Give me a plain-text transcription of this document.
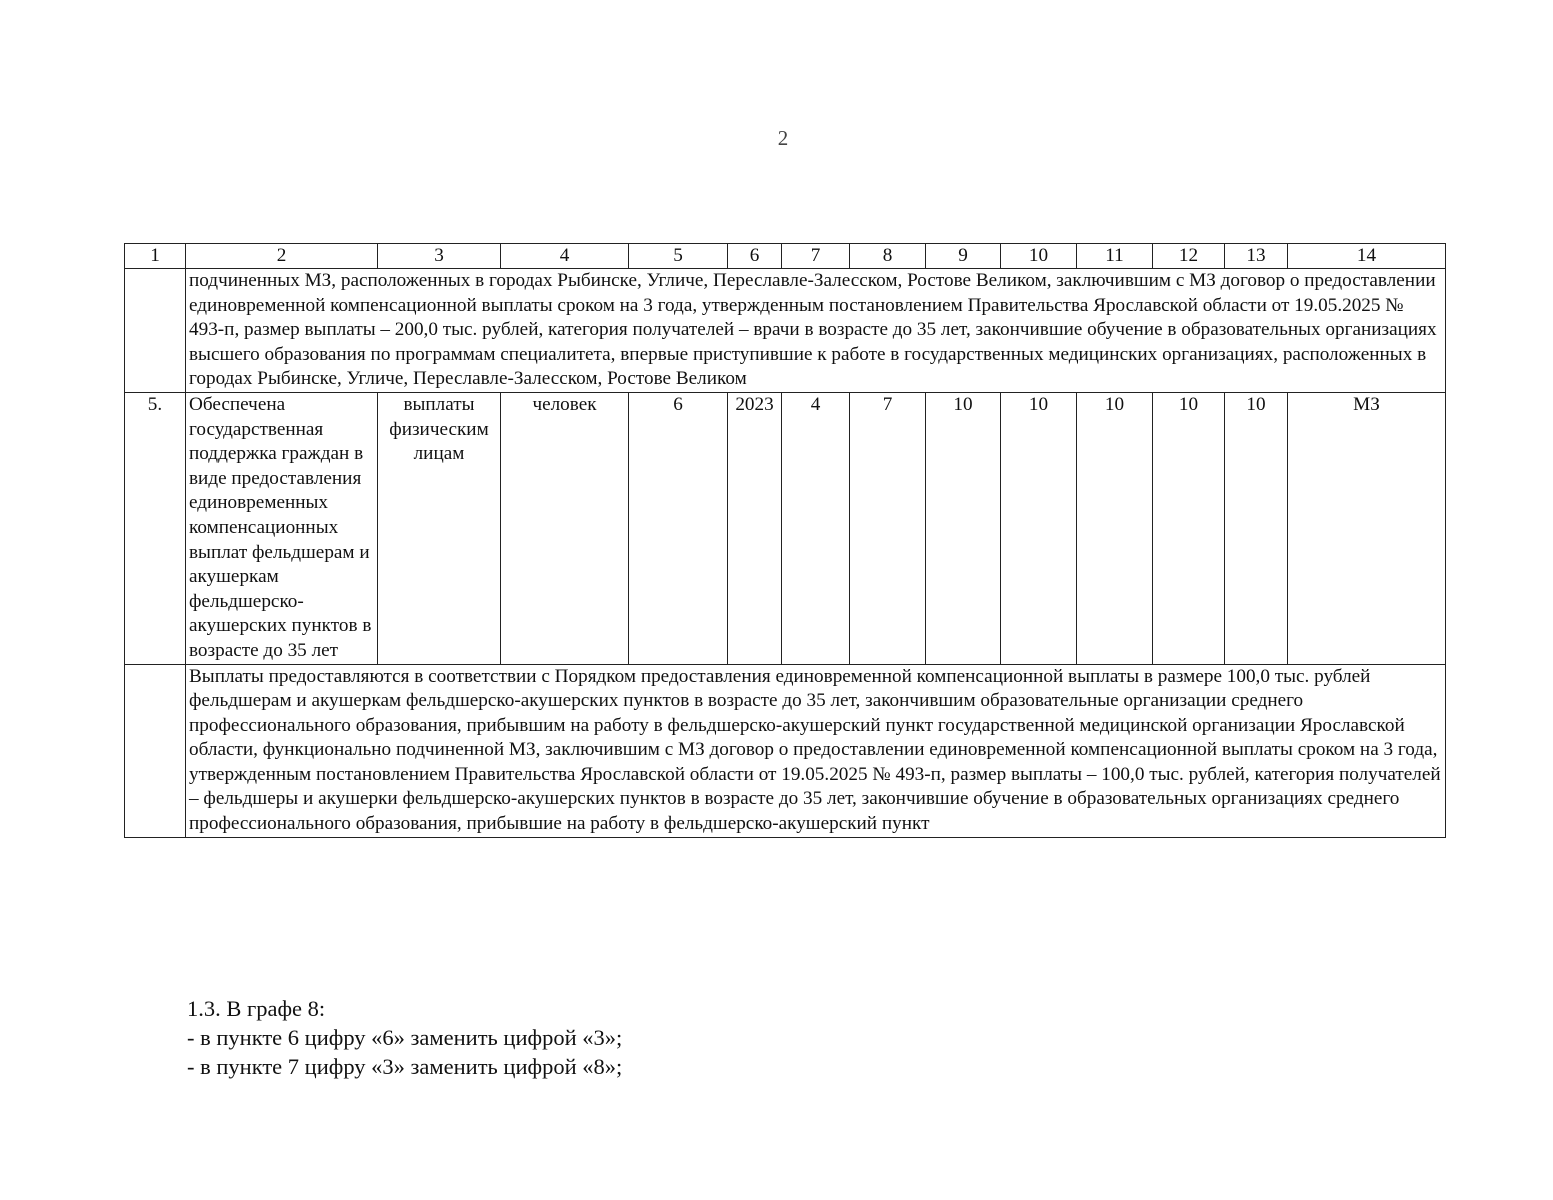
2
1	2	3	4	5	6	7	8	9	10	11	12	13	14
	подчиненных МЗ, расположенных в городах Рыбинске, Угличе, Переславле-Залесском, Ростове Великом, заключившим с МЗ договор о предоставлении единовременной компенсационной выплаты сроком на 3 года, утвержденным постановлением Правительства Ярославской области от 19.05.2025 № 493-п, размер выплаты – 200,0 тыс. рублей, категория получателей – врачи в возрасте до 35 лет, закончившие обучение в образовательных организациях высшего образования по программам специалитета, впервые приступившие к работе в государственных медицинских организациях, расположенных в городах Рыбинске, Угличе, Переславле-Залесском, Ростове Великом												
5.	Обеспечена государственная поддержка граждан в виде предоставления единовременных компенсационных выплат фельдшерам и акушеркам фельдшерско-акушерских пунктов в возрасте до 35 лет	выплаты физическим лицам	человек	6	2023	4	7	10	10	10	10	10	МЗ
	Выплаты предоставляются в соответствии с Порядком предоставления единовременной компенсационной выплаты в размере 100,0 тыс. рублей фельдшерам и акушеркам фельдшерско-акушерских пунктов в возрасте до 35 лет, закончившим образовательные организации среднего профессионального образования, прибывшим на работу в фельдшерско-акушерский пункт государственной медицинской организации Ярославской области, функционально подчиненной МЗ, заключившим с МЗ договор о предоставлении единовременной компенсационной выплаты сроком на 3 года, утвержденным постановлением Правительства Ярославской области от 19.05.2025 № 493-п, размер выплаты – 100,0 тыс. рублей, категория получателей – фельдшеры и акушерки фельдшерско-акушерских пунктов в возрасте до 35 лет, закончившие обучение в образовательных организациях среднего профессионального образования, прибывшие на работу в фельдшерско-акушерский пункт												
1.3. В графе 8:
- в пункте 6 цифру «6» заменить цифрой «3»;
- в пункте 7 цифру «3» заменить цифрой «8»;
